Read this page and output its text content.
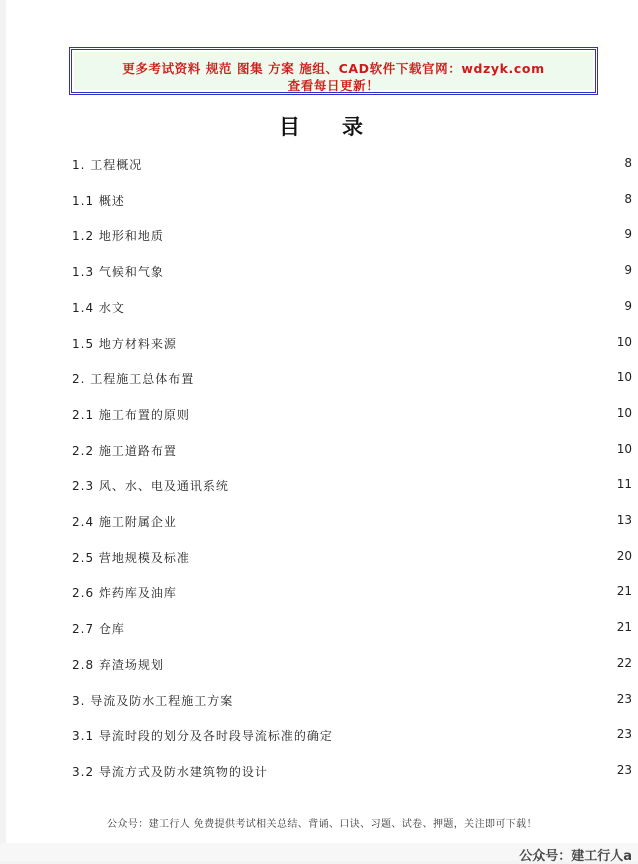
更多考试资料 规范 图集 方案 施组、CAD软件下载官网：wdzyk.com
查看每日更新！
目 录
1. 工程概况	8
1.1 概述	8
1.2 地形和地质	9
1.3 气候和气象	9
1.4 水文	9
1.5 地方材料来源	10
2. 工程施工总体布置	10
2.1 施工布置的原则	10
2.2 施工道路布置	10
2.3 风、水、电及通讯系统	11
2.4 施工附属企业	13
2.5 营地规模及标准	20
2.6 炸药库及油库	21
2.7 仓库	21
2.8 弃渣场规划	22
3. 导流及防水工程施工方案	23
3.1 导流时段的划分及各时段导流标准的确定	23
3.2 导流方式及防水建筑物的设计	23
公众号：建工行人 免费提供考试相关总结、背诵、口诀、习题、试卷、押题，关注即可下载！
公众号：建工行人a
